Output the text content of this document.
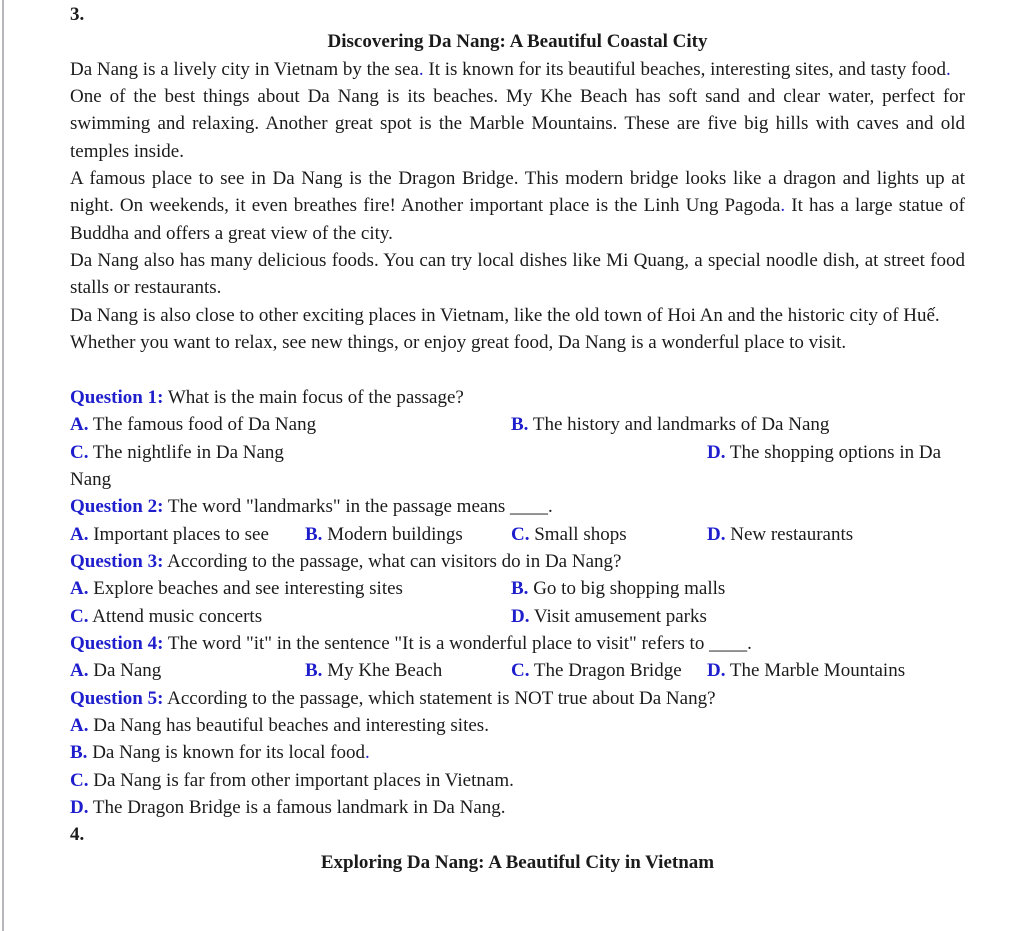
3.
Discovering Da Nang: A Beautiful Coastal City
Da Nang is a lively city in Vietnam by the sea. It is known for its beautiful beaches, interesting sites, and tasty food.
One of the best things about Da Nang is its beaches. My Khe Beach has soft sand and clear water, perfect for swimming and relaxing. Another great spot is the Marble Mountains. These are five big hills with caves and old temples inside.
A famous place to see in Da Nang is the Dragon Bridge. This modern bridge looks like a dragon and lights up at night. On weekends, it even breathes fire! Another important place is the Linh Ung Pagoda. It has a large statue of Buddha and offers a great view of the city.
Da Nang also has many delicious foods. You can try local dishes like Mi Quang, a special noodle dish, at street food stalls or restaurants.
Da Nang is also close to other exciting places in Vietnam, like the old town of Hoi An and the historic city of Huế.
Whether you want to relax, see new things, or enjoy great food, Da Nang is a wonderful place to visit.
Question 1: What is the main focus of the passage?
A. The famous food of Da Nang	B. The history and landmarks of Da Nang
C. The nightlife in Da Nang	D. The shopping options in Da Nang
Question 2: The word "landmarks" in the passage means ____.
A. Important places to see B. Modern buildings	C. Small shops	D. New restaurants
Question 3: According to the passage, what can visitors do in Da Nang?
A. Explore beaches and see interesting sites	B. Go to big shopping malls
C. Attend music concerts	D. Visit amusement parks
Question 4: The word "it" in the sentence "It is a wonderful place to visit" refers to ____.
A. Da Nang	B. My Khe Beach	C. The Dragon Bridge D. The Marble Mountains
Question 5: According to the passage, which statement is NOT true about Da Nang?
A. Da Nang has beautiful beaches and interesting sites.
B. Da Nang is known for its local food.
C. Da Nang is far from other important places in Vietnam.
D. The Dragon Bridge is a famous landmark in Da Nang.
4.
Exploring Da Nang: A Beautiful City in Vietnam
